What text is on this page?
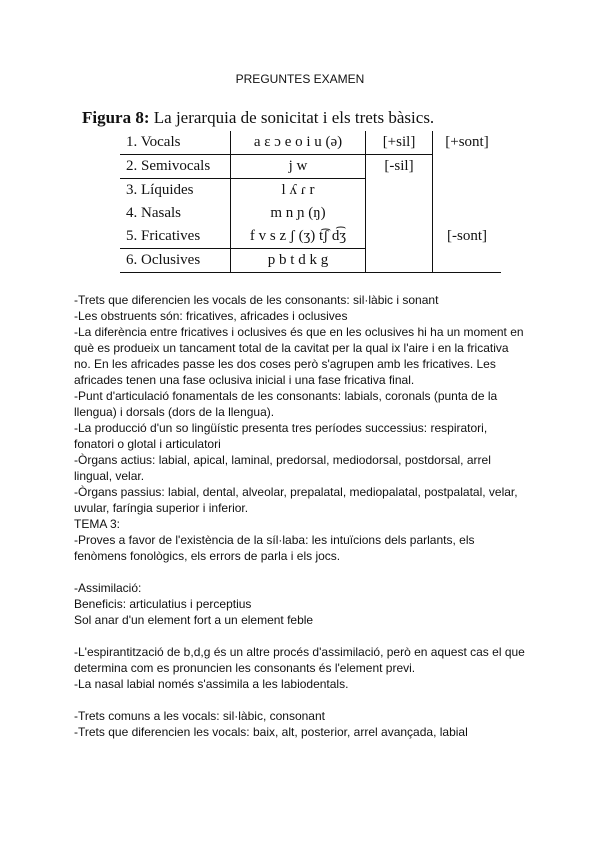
PREGUNTES EXAMEN
Figura 8: La jerarquia de sonicitat i els trets bàsics.
1. Vocals	a ɛ ɔ e o i u (ə)	[+sil]	[+sont]
2. Semivocals	j w	[-sil]	
3. Líquides	l ʎ ɾ r		
4. Nasals	m n ɲ (ŋ)		
5. Fricatives	f v s z ʃ (ʒ) t͡ʃ d͡ʒ		[-sont]
6. Oclusives	p b t d k g		
-Trets que diferencien les vocals de les consonants: sil·làbic i sonant
-Les obstruents són: fricatives, africades i oclusives
-La diferència entre fricatives i oclusives és que en les oclusives hi ha un moment en
què es produeix un tancament total de la cavitat per la qual ix l'aire i en la fricativa
no. En les africades passe les dos coses però s'agrupen amb les fricatives. Les
africades tenen una fase oclusiva inicial i una fase fricativa final.
-Punt d'articulació fonamentals de les consonants: labials, coronals (punta de la
llengua) i dorsals (dors de la llengua).
-La producció d'un so lingüístic presenta tres períodes successius: respiratori,
fonatori o glotal i articulatori
-Òrgans actius: labial, apical, laminal, predorsal, mediodorsal, postdorsal, arrel
lingual, velar.
-Òrgans passius: labial, dental, alveolar, prepalatal, mediopalatal, postpalatal, velar,
uvular, faríngia superior i inferior.
TEMA 3:
-Proves a favor de l'existència de la síl·laba: les intuïcions dels parlants, els
fenòmens fonològics, els errors de parla i els jocs.
-Assimilació:
Beneficis: articulatius i perceptius
Sol anar d'un element fort a un element feble
-L'espirantització de b,d,g és un altre procés d'assimilació, però en aquest cas el que
determina com es pronuncien les consonants és l'element previ.
-La nasal labial només s'assimila a les labiodentals.
-Trets comuns a les vocals: sil·làbic, consonant
-Trets que diferencien les vocals: baix, alt, posterior, arrel avançada, labial
